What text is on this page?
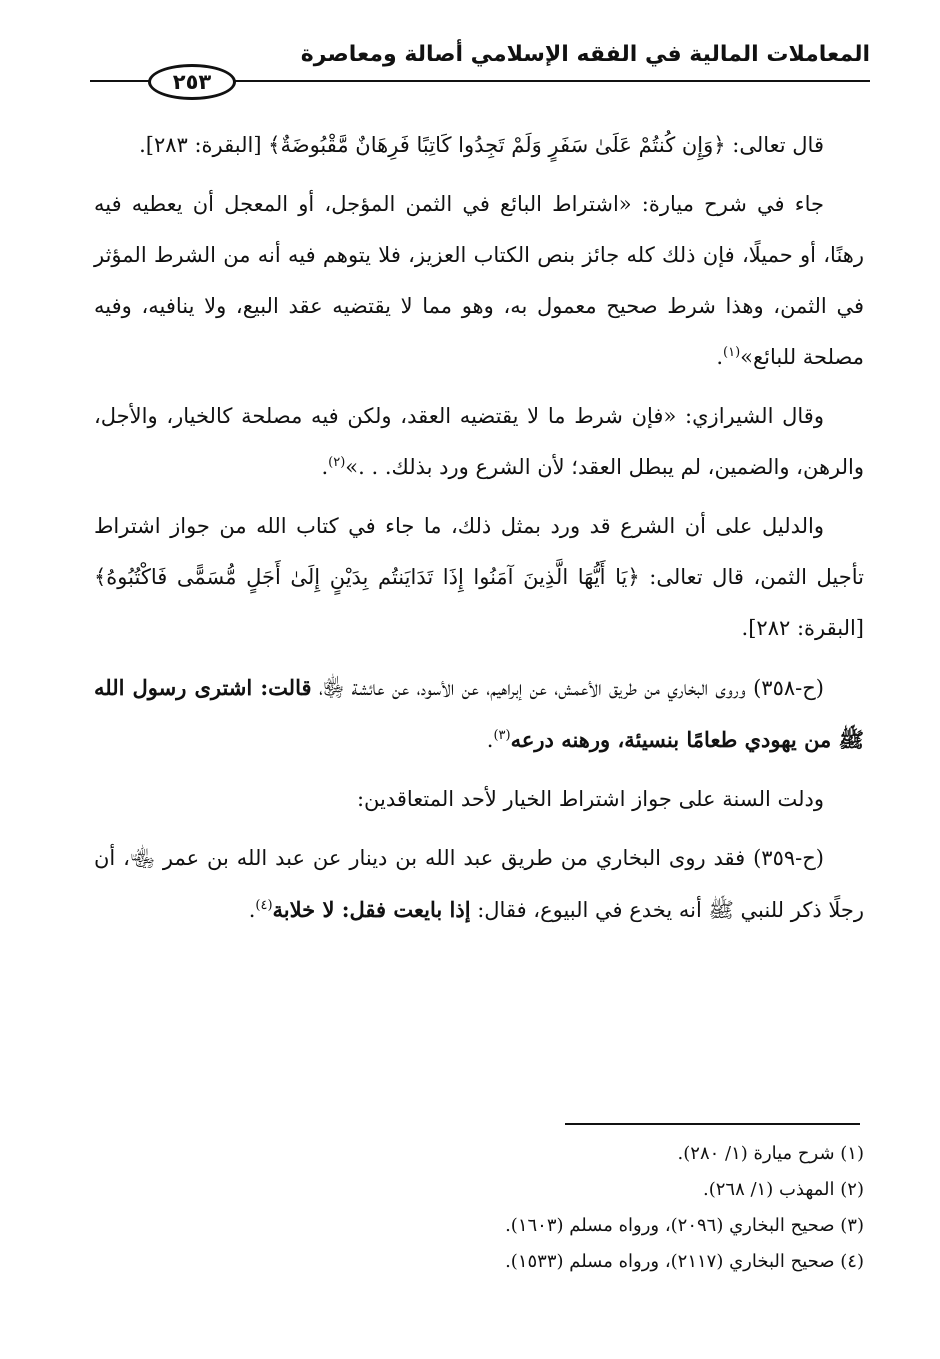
المعاملات المالية في الفقه الإسلامي أصالة ومعاصرة
٢٥٣

قال تعالى: ﴿وَإِن كُنتُمْ عَلَىٰ سَفَرٍ وَلَمْ تَجِدُوا كَاتِبًا فَرِهَانٌ مَّقْبُوضَةٌ﴾ [البقرة: ٢٨٣].

جاء في شرح ميارة: «اشتراط البائع في الثمن المؤجل، أو المعجل أن يعطيه فيه رهنًا، أو حميلًا، فإن ذلك كله جائز بنص الكتاب العزيز، فلا يتوهم فيه أنه من الشرط المؤثر في الثمن، وهذا شرط صحيح معمول به، وهو مما لا يقتضيه عقد البيع، ولا ينافيه، وفيه مصلحة للبائع»$^{(١)}$.

وقال الشيرازي: «فإن شرط ما لا يقتضيه العقد، ولكن فيه مصلحة كالخيار، والأجل، والرهن، والضمين، لم يبطل العقد؛ لأن الشرع ورد بذلك. . .»$^{(٢)}$.

والدليل على أن الشرع قد ورد بمثل ذلك، ما جاء في كتاب الله من جواز اشتراط تأجيل الثمن، قال تعالى: ﴿يَا أَيُّهَا الَّذِينَ آمَنُوا إِذَا تَدَايَنتُم بِدَيْنٍ إِلَىٰ أَجَلٍ مُّسَمًّى فَاكْتُبُوهُ﴾ [البقرة: ٢٨٢].

(ح-٣٥٨) وروى البخاري من طريق الأعمش، عن إبراهيم، عن الأسود، عن عائشة ﵂، قالت: اشترى رسول الله ﷺ من يهودي طعامًا بنسيئة، ورهنه درعه$^{(٣)}$.

ودلت السنة على جواز اشتراط الخيار لأحد المتعاقدين:

(ح-٣٥٩) فقد روى البخاري من طريق عبد الله بن دينار عن عبد الله بن عمر ﵄، أن رجلًا ذكر للنبي ﷺ أنه يخدع في البيوع، فقال: إذا بايعت فقل: لا خلابة$^{(٤)}$.

(١) شرح ميارة (١/ ٢٨٠).
(٢) المهذب (١/ ٢٦٨).
(٣) صحيح البخاري (٢٠٩٦)، ورواه مسلم (١٦٠٣).
(٤) صحيح البخاري (٢١١٧)، ورواه مسلم (١٥٣٣).
